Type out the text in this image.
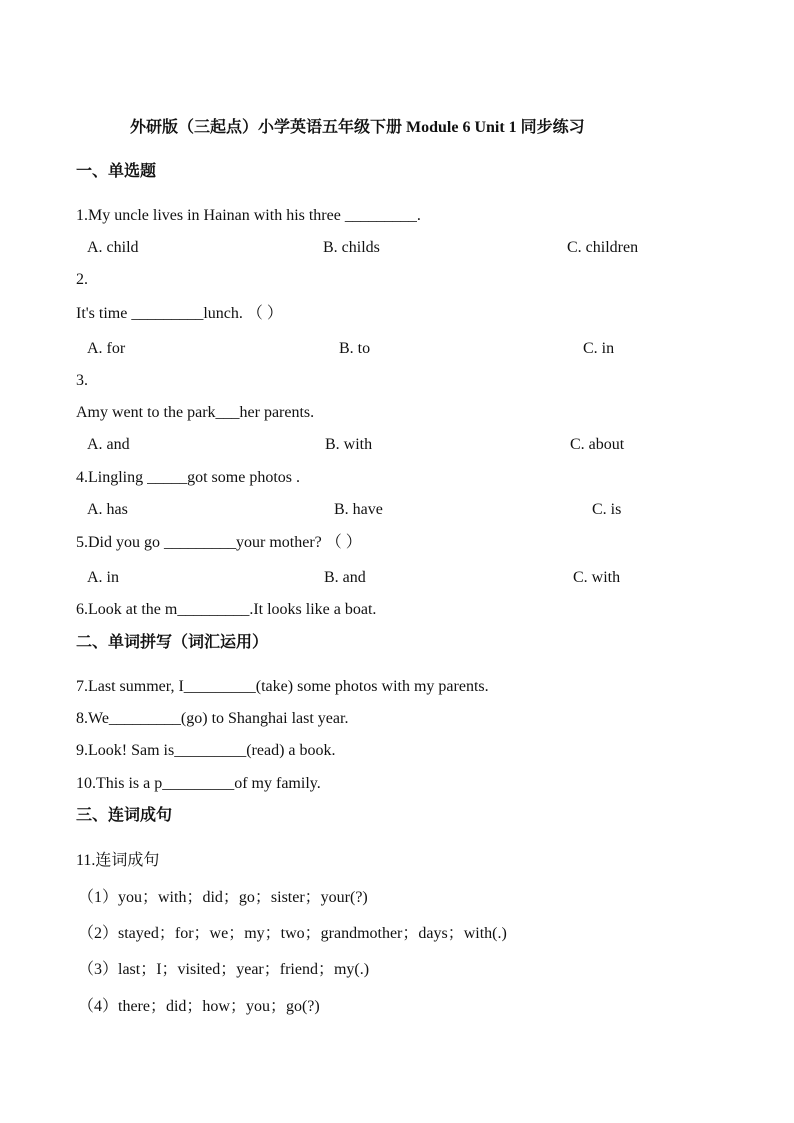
外研版（三起点）小学英语五年级下册 Module 6 Unit 1 同步练习
一、单选题
1.My uncle lives in Hainan with his three _________.
A. child	B. childs	C. children
2.
It's time _________lunch. （ ）
A. for	B. to	C. in
3.
Amy went to the park___her parents.
A. and	B. with	C. about
4.Lingling _____got some photos .
A. has	B. have	C. is
5.Did you go _________your mother? （ ）
A. in	B. and	C. with
6.Look at the m_________.It looks like a boat.
二、单词拼写（词汇运用）
7.Last summer, I_________(take) some photos with my parents.
8.We_________(go) to Shanghai last year.
9.Look! Sam is_________(read) a book.
10.This is a p_________of my family.
三、连词成句
11.连词成句
（1）you；with；did；go；sister；your(?)
（2）stayed；for；we；my；two；grandmother；days；with(.)
（3）last；I；visited；year；friend；my(.)
（4）there；did；how；you；go(?)
